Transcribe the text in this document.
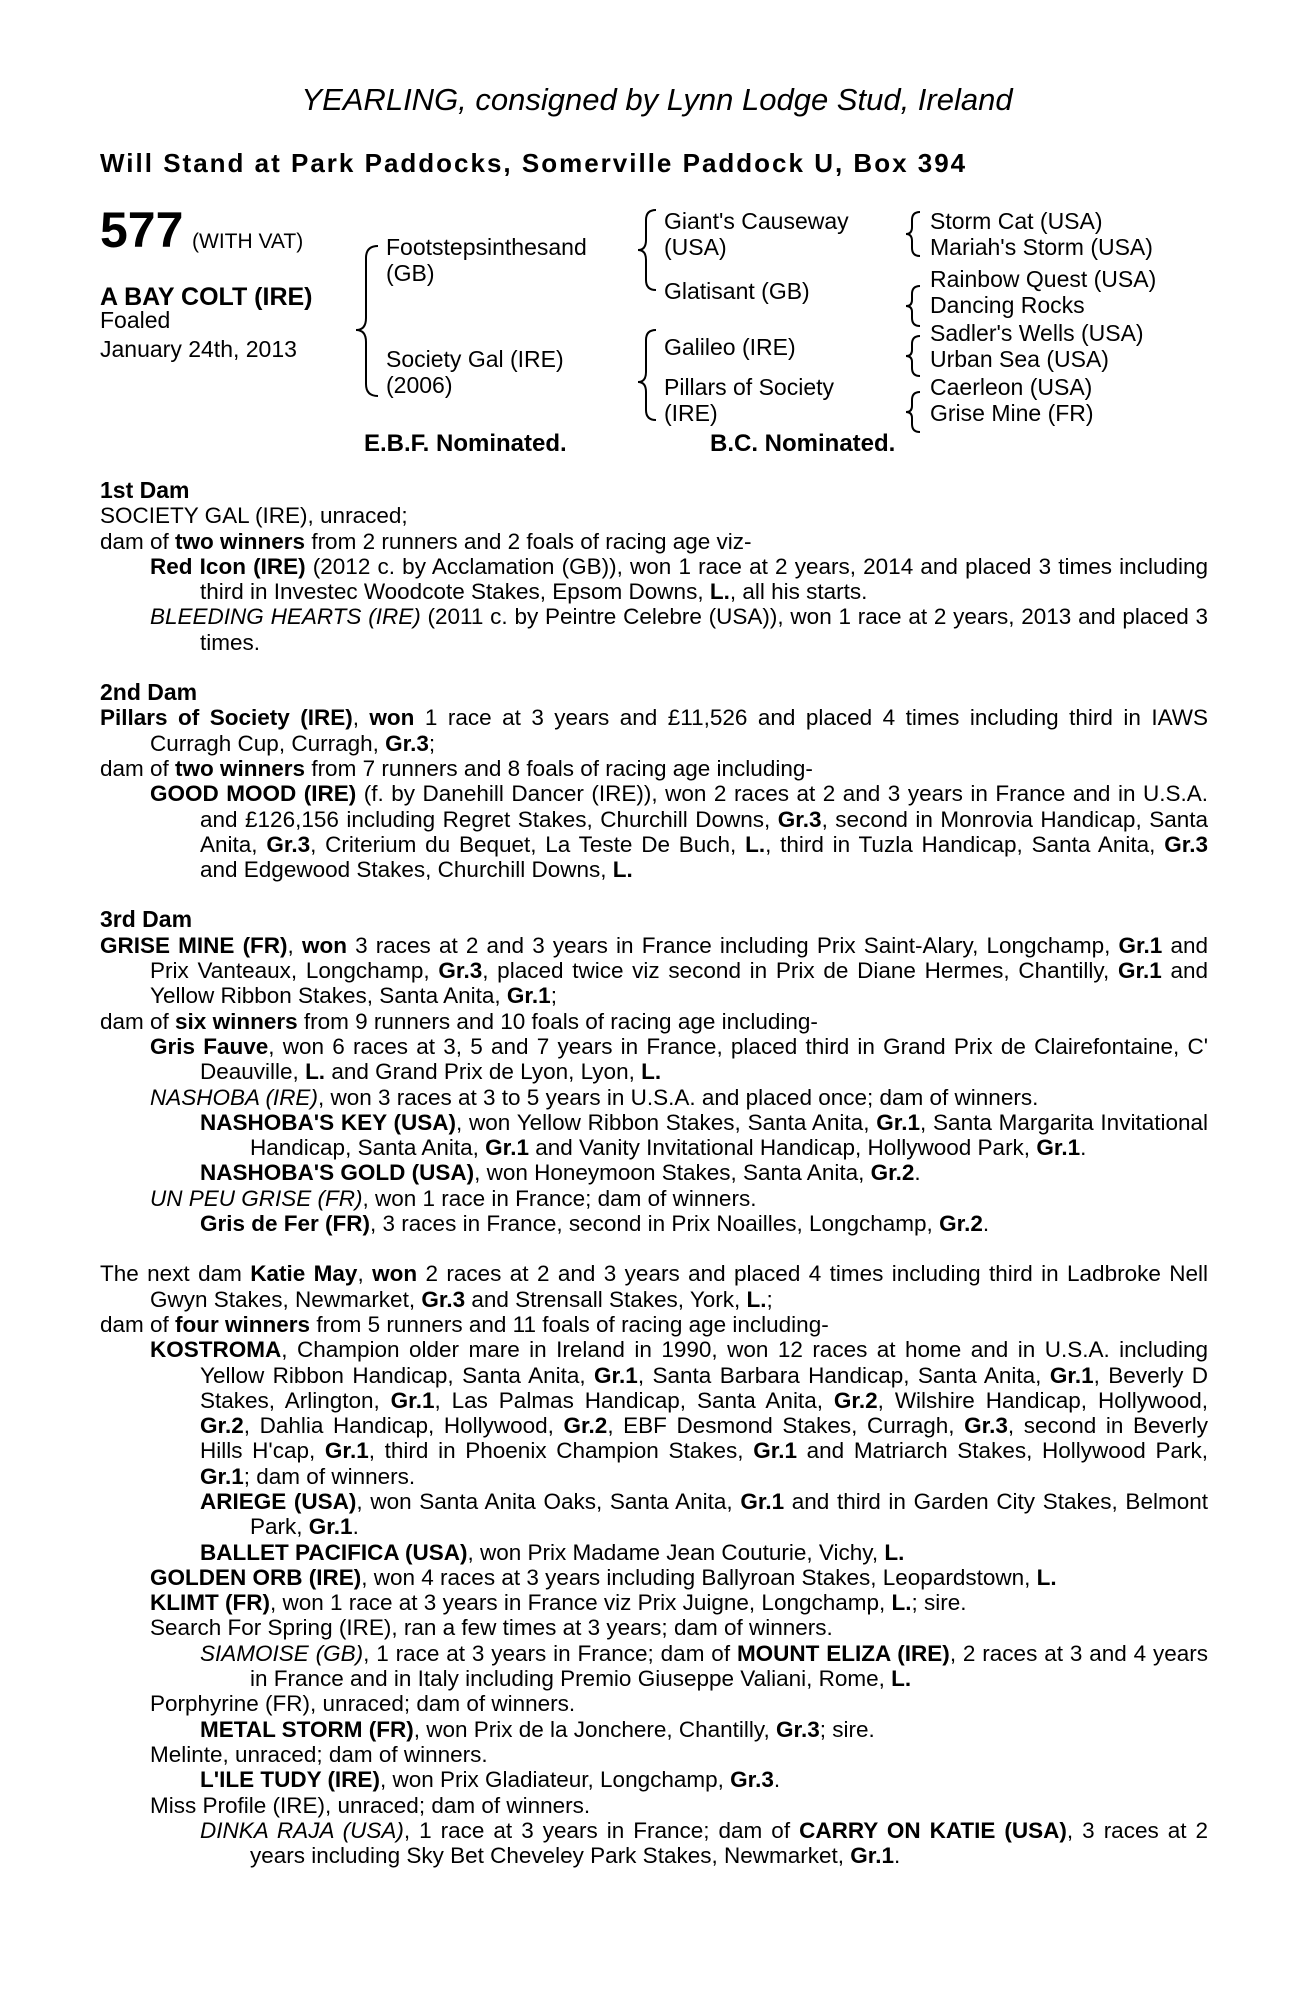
YEARLING, consigned by Lynn Lodge Stud, Ireland
Will Stand at Park Paddocks, Somerville Paddock U, Box 394
577 (WITH VAT)
A BAY COLT (IRE)
Foaled
January 24th, 2013
Footstepsinthesand
(GB)
Society Gal (IRE)
(2006)
Giant's Causeway
(USA)
Glatisant (GB)
Galileo (IRE)
Pillars of Society
(IRE)
Storm Cat (USA)
Mariah's Storm (USA)
Rainbow Quest (USA)
Dancing Rocks
Sadler's Wells (USA)
Urban Sea (USA)
Caerleon (USA)
Grise Mine (FR)
E.B.F. Nominated.	B.C. Nominated.
1st Dam
SOCIETY GAL (IRE), unraced;
dam of two winners from 2 runners and 2 foals of racing age viz-
Red Icon (IRE) (2012 c. by Acclamation (GB)), won 1 race at 2 years, 2014 and placed 3 times including third in Investec Woodcote Stakes, Epsom Downs, L., all his starts.
BLEEDING HEARTS (IRE) (2011 c. by Peintre Celebre (USA)), won 1 race at 2 years, 2013 and placed 3 times.
2nd Dam
Pillars of Society (IRE), won 1 race at 3 years and £11,526 and placed 4 times including third in IAWS Curragh Cup, Curragh, Gr.3;
dam of two winners from 7 runners and 8 foals of racing age including-
GOOD MOOD (IRE) (f. by Danehill Dancer (IRE)), won 2 races at 2 and 3 years in France and in U.S.A. and £126,156 including Regret Stakes, Churchill Downs, Gr.3, second in Monrovia Handicap, Santa Anita, Gr.3, Criterium du Bequet, La Teste De Buch, L., third in Tuzla Handicap, Santa Anita, Gr.3 and Edgewood Stakes, Churchill Downs, L.
3rd Dam
GRISE MINE (FR), won 3 races at 2 and 3 years in France including Prix Saint-Alary, Longchamp, Gr.1 and Prix Vanteaux, Longchamp, Gr.3, placed twice viz second in Prix de Diane Hermes, Chantilly, Gr.1 and Yellow Ribbon Stakes, Santa Anita, Gr.1;
dam of six winners from 9 runners and 10 foals of racing age including-
Gris Fauve, won 6 races at 3, 5 and 7 years in France, placed third in Grand Prix de Clairefontaine, C' Deauville, L. and Grand Prix de Lyon, Lyon, L.
NASHOBA (IRE), won 3 races at 3 to 5 years in U.S.A. and placed once; dam of winners.
NASHOBA'S KEY (USA), won Yellow Ribbon Stakes, Santa Anita, Gr.1, Santa Margarita Invitational Handicap, Santa Anita, Gr.1 and Vanity Invitational Handicap, Hollywood Park, Gr.1.
NASHOBA'S GOLD (USA), won Honeymoon Stakes, Santa Anita, Gr.2.
UN PEU GRISE (FR), won 1 race in France; dam of winners.
Gris de Fer (FR), 3 races in France, second in Prix Noailles, Longchamp, Gr.2.
The next dam Katie May, won 2 races at 2 and 3 years and placed 4 times including third in Ladbroke Nell Gwyn Stakes, Newmarket, Gr.3 and Strensall Stakes, York, L.;
dam of four winners from 5 runners and 11 foals of racing age including-
KOSTROMA, Champion older mare in Ireland in 1990, won 12 races at home and in U.S.A. including Yellow Ribbon Handicap, Santa Anita, Gr.1, Santa Barbara Handicap, Santa Anita, Gr.1, Beverly D Stakes, Arlington, Gr.1, Las Palmas Handicap, Santa Anita, Gr.2, Wilshire Handicap, Hollywood, Gr.2, Dahlia Handicap, Hollywood, Gr.2, EBF Desmond Stakes, Curragh, Gr.3, second in Beverly Hills H'cap, Gr.1, third in Phoenix Champion Stakes, Gr.1 and Matriarch Stakes, Hollywood Park, Gr.1; dam of winners.
ARIEGE (USA), won Santa Anita Oaks, Santa Anita, Gr.1 and third in Garden City Stakes, Belmont Park, Gr.1.
BALLET PACIFICA (USA), won Prix Madame Jean Couturie, Vichy, L.
GOLDEN ORB (IRE), won 4 races at 3 years including Ballyroan Stakes, Leopardstown, L.
KLIMT (FR), won 1 race at 3 years in France viz Prix Juigne, Longchamp, L.; sire.
Search For Spring (IRE), ran a few times at 3 years; dam of winners.
SIAMOISE (GB), 1 race at 3 years in France; dam of MOUNT ELIZA (IRE), 2 races at 3 and 4 years in France and in Italy including Premio Giuseppe Valiani, Rome, L.
Porphyrine (FR), unraced; dam of winners.
METAL STORM (FR), won Prix de la Jonchere, Chantilly, Gr.3; sire.
Melinte, unraced; dam of winners.
L'ILE TUDY (IRE), won Prix Gladiateur, Longchamp, Gr.3.
Miss Profile (IRE), unraced; dam of winners.
DINKA RAJA (USA), 1 race at 3 years in France; dam of CARRY ON KATIE (USA), 3 races at 2 years including Sky Bet Cheveley Park Stakes, Newmarket, Gr.1.
